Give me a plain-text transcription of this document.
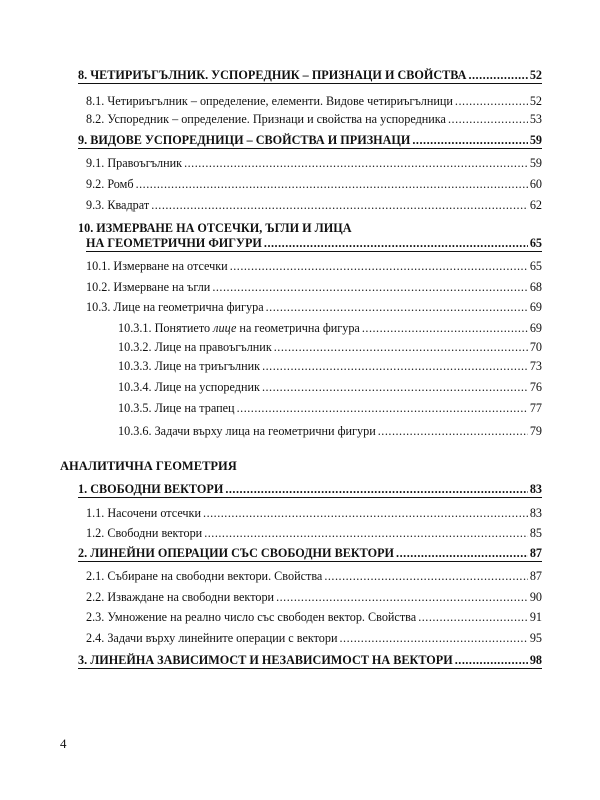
8. ЧЕТИРИЪГЪЛНИК. УСПОРЕДНИК – ПРИЗНАЦИ И СВОЙСТВА .....	52
8.1. Четириъгълник – определение, елементи. Видове четириъгълници .....	52
8.2. Успоредник – определение. Признаци и свойства на успоредника .....	53
9. ВИДОВЕ УСПОРЕДНИЦИ – СВОЙСТВА И ПРИЗНАЦИ .....	59
9.1. Правоъгълник .....	59
9.2. Ромб .....	60
9.3. Квадрат .....	62
10. ИЗМЕРВАНЕ НА ОТСЕЧКИ, ЪГЛИ И ЛИЦА
НА ГЕОМЕТРИЧНИ ФИГУРИ .....	65
10.1. Измерване на отсечки .....	65
10.2. Измерване на ъгли .....	68
10.3. Лице на геометрична фигура .....	69
10.3.1. Понятието лице на геометрична фигура .....	69
10.3.2. Лице на правоъгълник .....	70
10.3.3. Лице на триъгълник .....	73
10.3.4. Лице на успоредник .....	76
10.3.5. Лице на трапец .....	77
10.3.6. Задачи върху лица на геометрични фигури .....	79
АНАЛИТИЧНА ГЕОМЕТРИЯ
1. СВОБОДНИ ВЕКТОРИ .....	83
1.1. Насочени отсечки .....	83
1.2. Свободни вектори .....	85
2. ЛИНЕЙНИ ОПЕРАЦИИ СЪС СВОБОДНИ ВЕКТОРИ .....	87
2.1. Събиране на свободни вектори. Свойства .....	87
2.2. Изваждане на свободни вектори .....	90
2.3. Умножение на реално число със свободен вектор. Свойства .....	91
2.4. Задачи върху линейните операции с вектори .....	95
3. ЛИНЕЙНА ЗАВИСИМОСТ И НЕЗАВИСИМОСТ НА ВЕКТОРИ .....	98
4
